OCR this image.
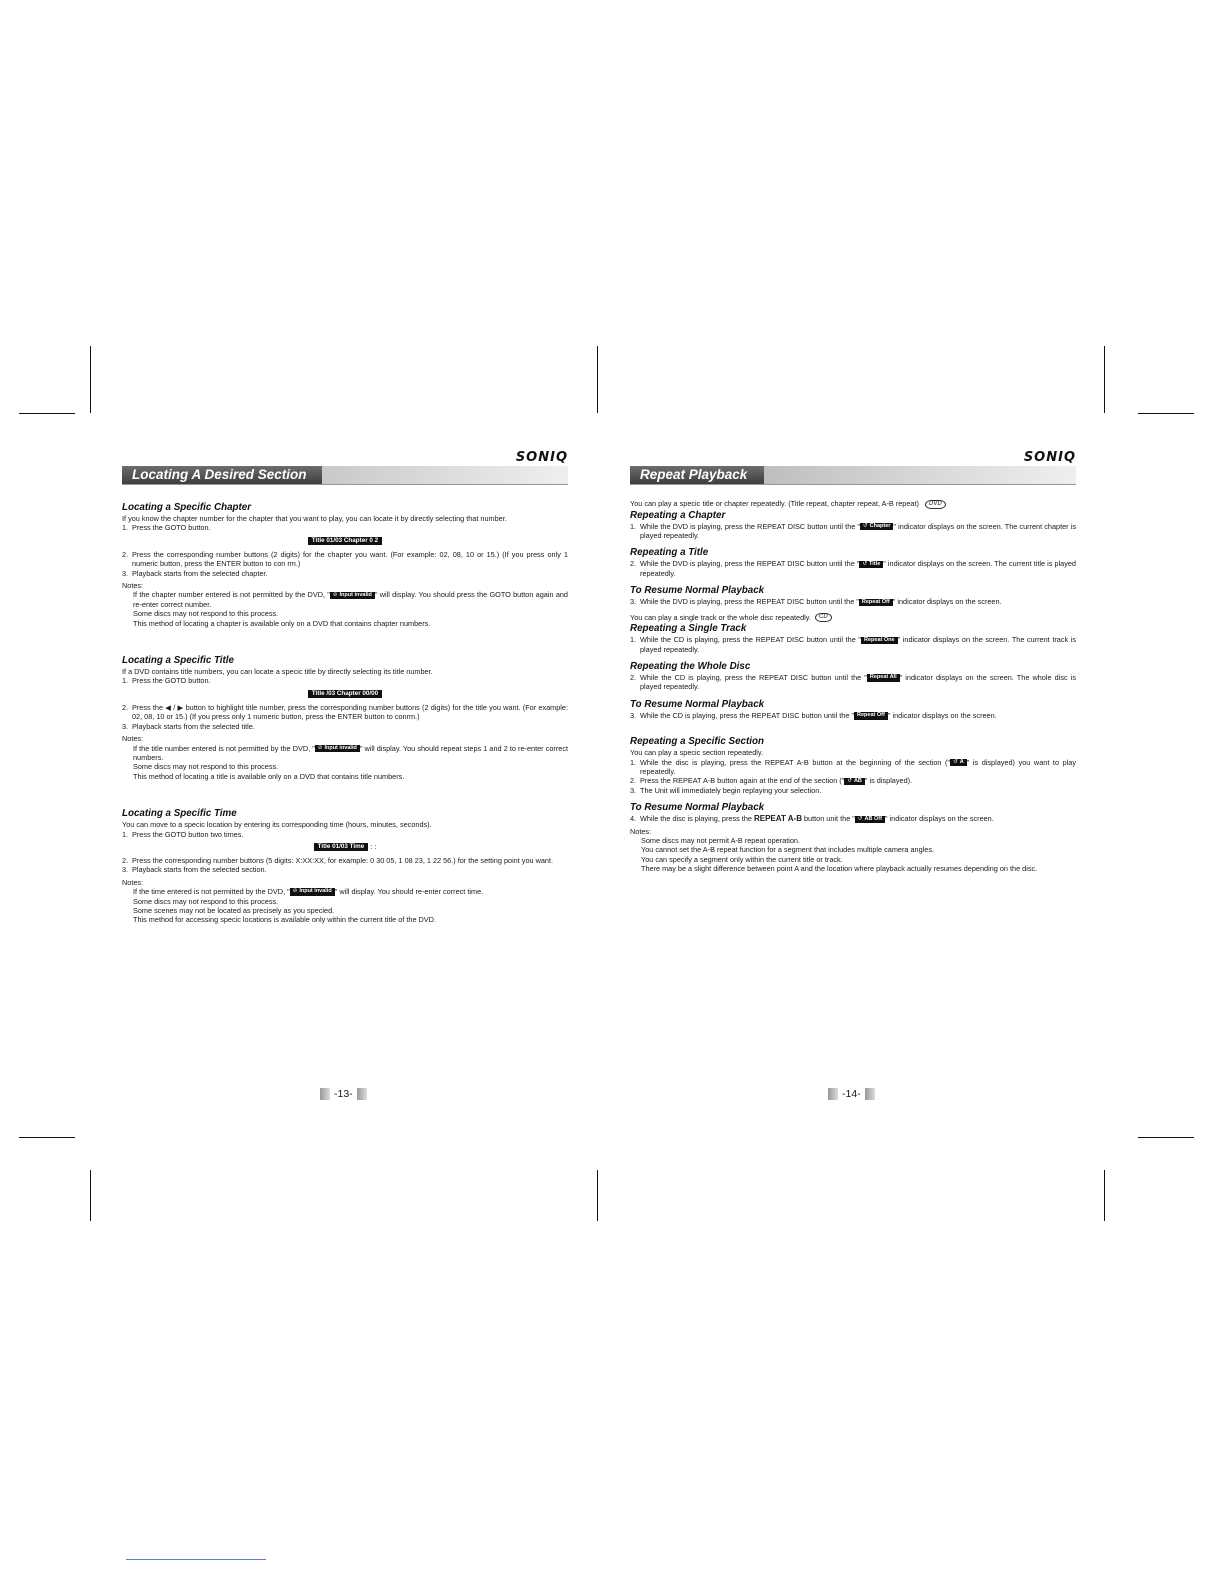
SONIQ
Locating A Desired Section
Locating a Specific Chapter

If you know the chapter number for the chapter that you want to play, you can locate it by directly selecting that number.

1. Press the GOTO button.
Title 01/03 Chapter 0 2
2. Press the corresponding number buttons (2 digits) for the chapter you want. (For example: 02, 08, 10 or 15.) (If you press only 1 numeric button, press the ENTER button to con rm.)
3. Playback starts from the selected chapter.

Notes:

If the chapter number entered is not permitted by the DVD, " ⊘ Input invalid " will display. You should press the GOTO button again and re-enter correct number.

Some discs may not respond to this process.

This method of locating a chapter is available only on a DVD that contains chapter numbers.

Locating a Specific Title

If a DVD contains title numbers, you can locate a specic title by directly selecting its title number.

1. Press the GOTO button.
Title /03 Chapter 00/00
2. Press the ◀ / ▶ button to highlight title number, press the corresponding number buttons (2 digits) for the title you want. (For example: 02, 08, 10 or 15.) (If you press only 1 numeric button, press the ENTER button to conrm.)
3. Playback starts from the selected title.

Notes:

If the title number entered is not permitted by the DVD, " ⊘ Input invalid " will display. You should repeat steps 1 and 2 to re-enter correct numbers.

Some discs may not respond to this process.

This method of locating a title is available only on a DVD that contains title numbers.

Locating a Specific Time

You can move to a specic location by entering its corresponding time (hours, minutes, seconds).

1. Press the GOTO button two times.
Title 01/03 Time : :
2. Press the corresponding number buttons (5 digits: X:XX:XX, for example: 0 30 05, 1 08 23, 1 22 56.) for the setting point you want.
3. Playback starts from the selected section.

Notes:

If the time entered is not permitted by the DVD, " ⊘ Input invalid " will display. You should re-enter correct time.

Some discs may not respond to this process.

Some scenes may not be located as precisely as you specied.

This method for accessing specic locations is available only within the current title of the DVD.

SONIQ
Repeat Playback

You can play a specic title or chapter repeatedly. (Title repeat, chapter repeat, A-B repeat) DVD

Repeating a Chapter
1. While the DVD is playing, press the REPEAT DISC button until the " ↺ Chapter " indicator displays on the screen. The current chapter is played repeatedly.
Repeating a Title
2. While the DVD is playing, press the REPEAT DISC button until the " ↺ Title " indicator displays on the screen. The current title is played repeatedly.
To Resume Normal Playback
3. While the DVD is playing, press the REPEAT DISC button until the " Repeat Off " indicator displays on the screen.

You can play a single track or the whole disc repeatedly. CD

Repeating a Single Track
1. While the CD is playing, press the REPEAT DISC button until the " Repeat One " indicator displays on the screen. The current track is played repeatedly.
Repeating the Whole Disc
2. While the CD is playing, press the REPEAT DISC button until the " Repeat All " indicator displays on the screen. The whole disc is played repeatedly.
To Resume Normal Playback
3. While the CD is playing, press the REPEAT DISC button until the " Repeat Off " indicator displays on the screen.
Repeating a Specific Section

You can play a specic section repeatedly.

1. While the disc is playing, press the REPEAT A-B button at the beginning of the section (" ↺ A " is displayed) you want to play repeatedly.
2. Press the REPEAT A-B button again at the end of the section (" ↺ AB " is displayed).
3. The Unit will immediately begin replaying your selection.
To Resume Normal Playback
4. While the disc is playing, press the REPEAT A-B button unit the " ↺ AB Off " indicator displays on the screen.

Notes:

Some discs may not permit A-B repeat operation.

You cannot set the A-B repeat function for a segment that includes multiple camera angles.

You can specify a segment only within the current title or track.

There may be a slight difference between point A and the location where playback actually resumes depending on the disc.

-13-	-14-
